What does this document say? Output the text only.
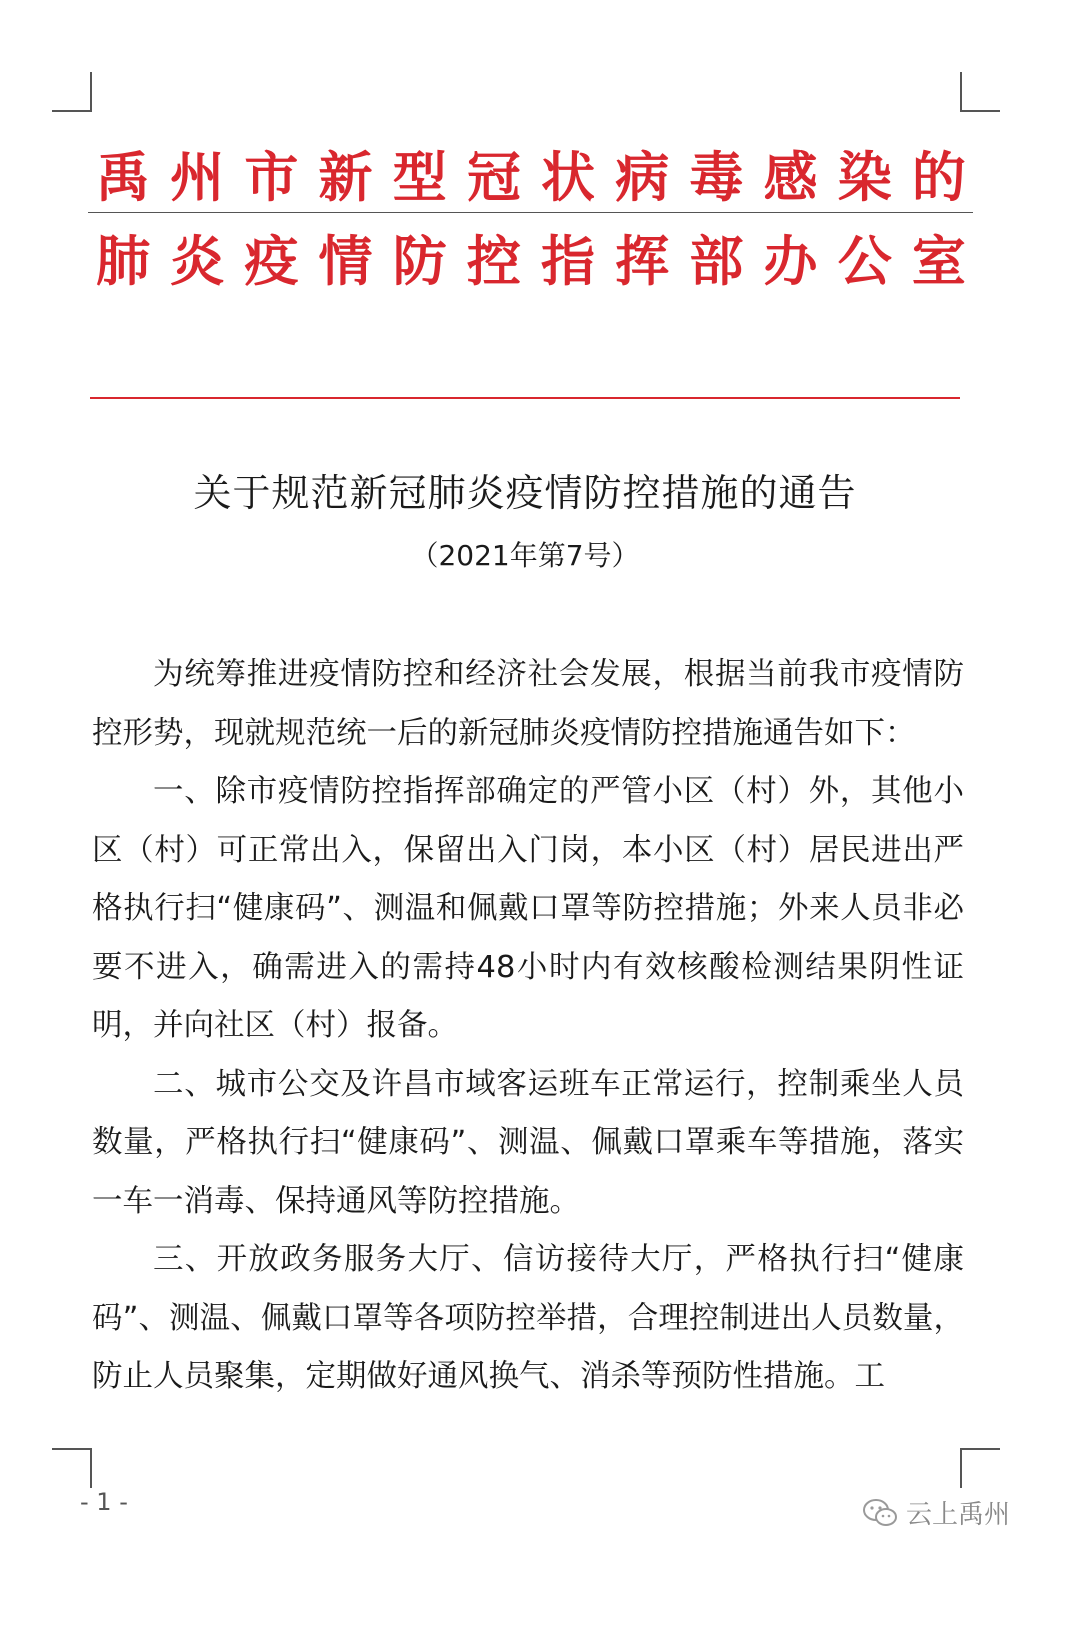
禹 州 市 新 型 冠 状 病 毒 感 染 的
肺 炎 疫 情 防 控 指 挥 部 办 公 室
关于规范新冠肺炎疫情防控措施的通告
（2021年第7号）

为统筹推进疫情防控和经济社会发展，根据当前我市疫情防控形势，现就规范统一后的新冠肺炎疫情防控措施通告如下：

一、除市疫情防控指挥部确定的严管小区（村）外，其他小区（村）可正常出入，保留出入门岗，本小区（村）居民进出严格执行扫“健康码”、测温和佩戴口罩等防控措施；外来人员非必要不进入，确需进入的需持48小时内有效核酸检测结果阴性证明，并向社区（村）报备。

二、城市公交及许昌市域客运班车正常运行，控制乘坐人员数量，严格执行扫“健康码”、测温、佩戴口罩乘车等措施，落实一车一消毒、保持通风等防控措施。

三、开放政务服务大厅、信访接待大厅，严格执行扫“健康码”、测温、佩戴口罩等各项防控举措，合理控制进出人员数量，防止人员聚集，定期做好通风换气、消杀等预防性措施。工

- 1 -	云上禹州
